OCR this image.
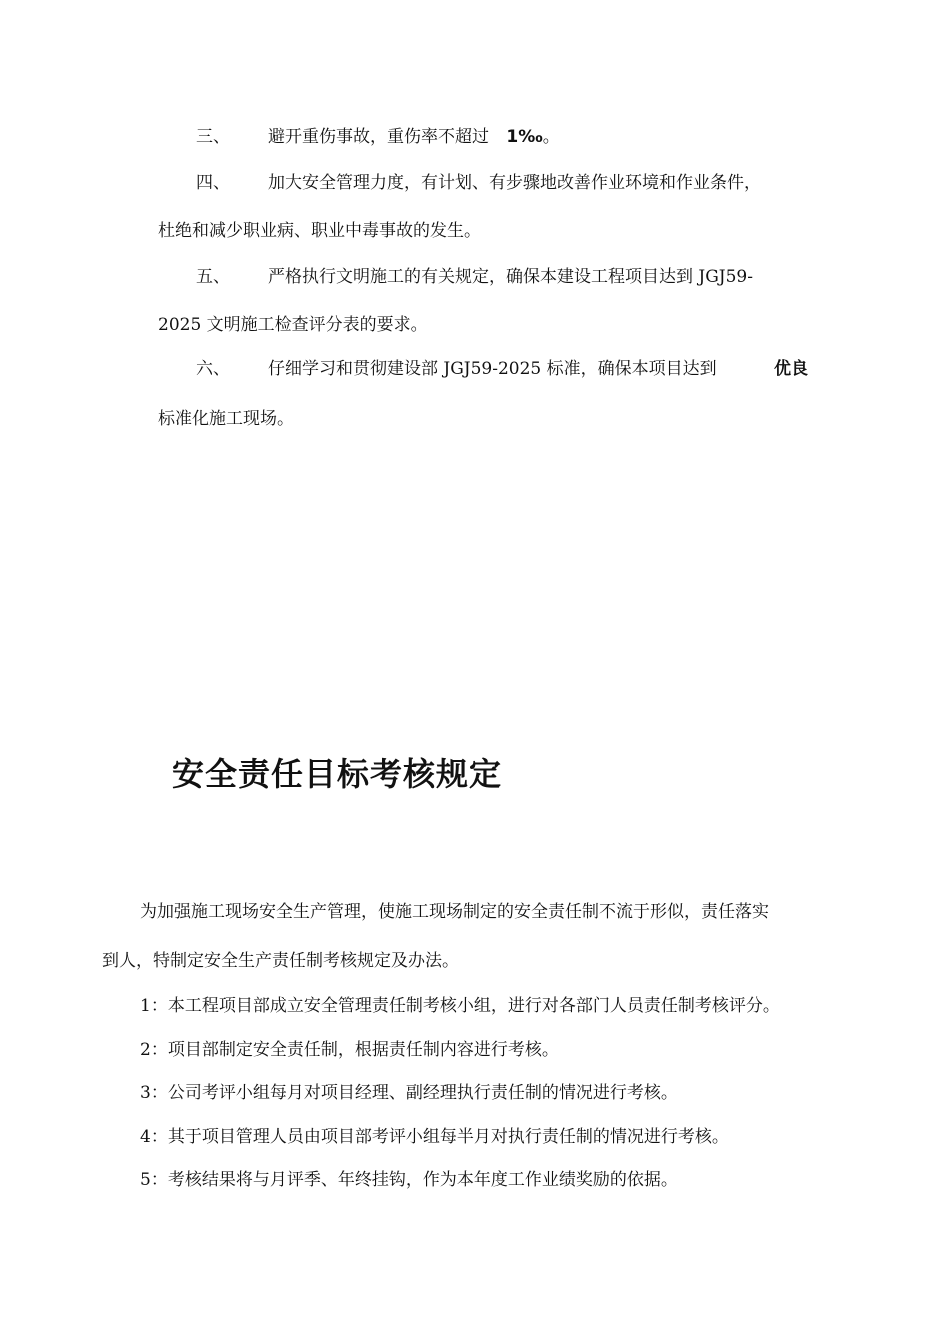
三、 避开重伤事故，重伤率不超过 1‰。
四、 加大安全管理力度，有计划、有步骤地改善作业环境和作业条件，
杜绝和减少职业病、职业中毒事故的发生。
五、 严格执行文明施工的有关规定，确保本建设工程项目达到 JGJ59-
2025 文明施工检查评分表的要求。
六、 仔细学习和贯彻建设部 JGJ59-2025 标准，确保本项目达到	优良
标准化施工现场。
安全责任目标考核规定
为加强施工现场安全生产管理，使施工现场制定的安全责任制不流于形似，责任落实
到人，特制定安全生产责任制考核规定及办法。
1：本工程项目部成立安全管理责任制考核小组，进行对各部门人员责任制考核评分。
2：项目部制定安全责任制，根据责任制内容进行考核。
3：公司考评小组每月对项目经理、副经理执行责任制的情况进行考核。
4：其于项目管理人员由项目部考评小组每半月对执行责任制的情况进行考核。
5：考核结果将与月评季、年终挂钩，作为本年度工作业绩奖励的依据。
